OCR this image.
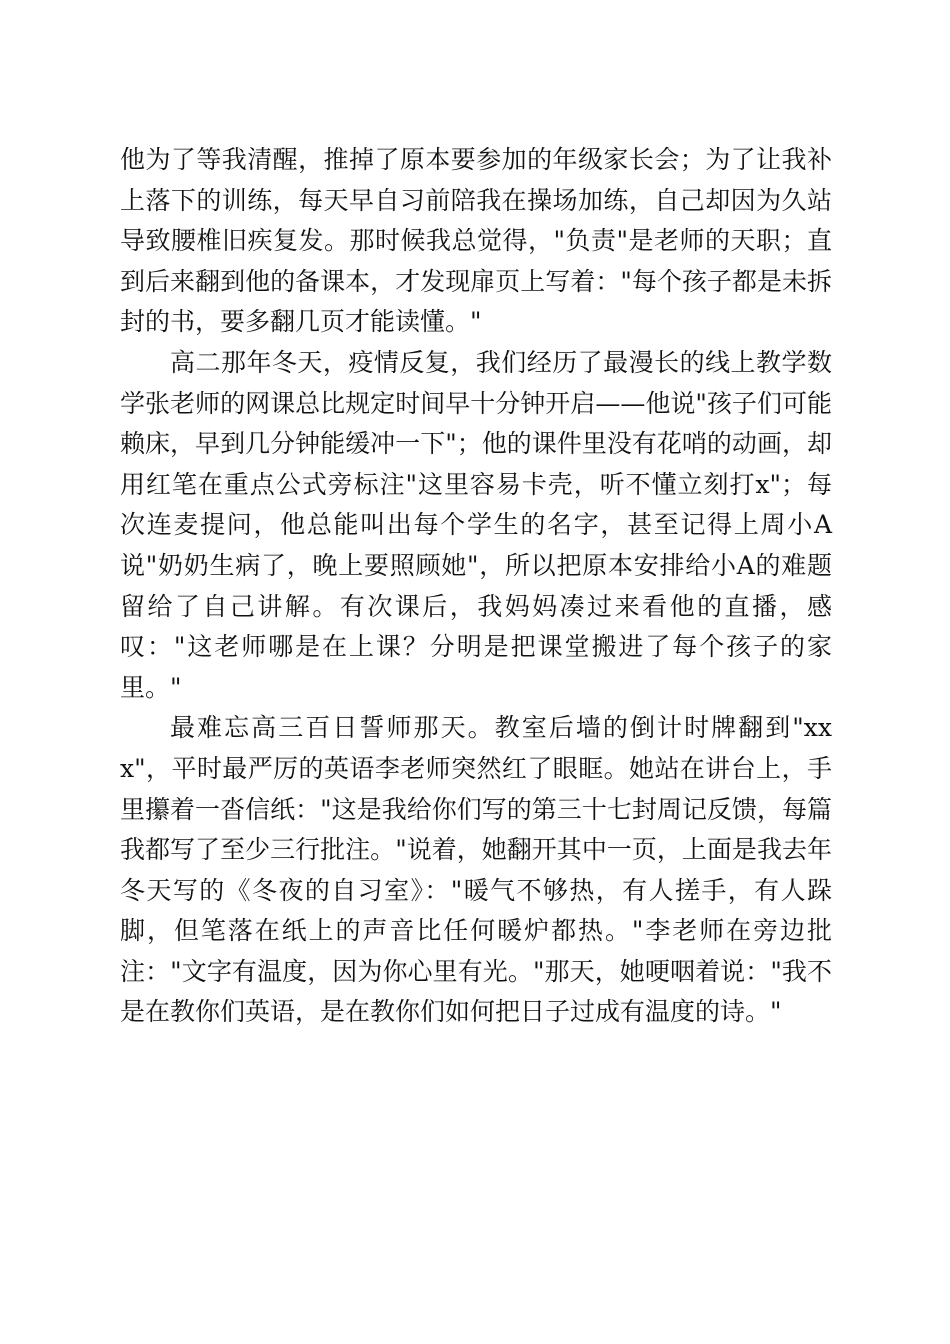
他为了等我清醒，推掉了原本要参加的年级家长会；为了让我补上落下的训练，每天早自习前陪我在操场加练，自己却因为久站导致腰椎旧疾复发。那时候我总觉得，"负责"是老师的天职；直到后来翻到他的备课本，才发现扉页上写着："每个孩子都是未拆封的书，要多翻几页才能读懂。"

高二那年冬天，疫情反复，我们经历了最漫长的线上教学数学张老师的网课总比规定时间早十分钟开启——他说"孩子们可能赖床，早到几分钟能缓冲一下"；他的课件里没有花哨的动画，却用红笔在重点公式旁标注"这里容易卡壳，听不懂立刻打x"；每次连麦提问，他总能叫出每个学生的名字，甚至记得上周小A说"奶奶生病了，晚上要照顾她"，所以把原本安排给小A的难题留给了自己讲解。有次课后，我妈妈凑过来看他的直播，感叹："这老师哪是在上课？分明是把课堂搬进了每个孩子的家里。"

最难忘高三百日誓师那天。教室后墙的倒计时牌翻到"xxx"，平时最严厉的英语李老师突然红了眼眶。她站在讲台上，手里攥着一沓信纸："这是我给你们写的第三十七封周记反馈，每篇我都写了至少三行批注。"说着，她翻开其中一页，上面是我去年冬天写的《冬夜的自习室》："暖气不够热，有人搓手，有人跺脚，但笔落在纸上的声音比任何暖炉都热。"李老师在旁边批注："文字有温度，因为你心里有光。"那天，她哽咽着说："我不是在教你们英语，是在教你们如何把日子过成有温度的诗。"
